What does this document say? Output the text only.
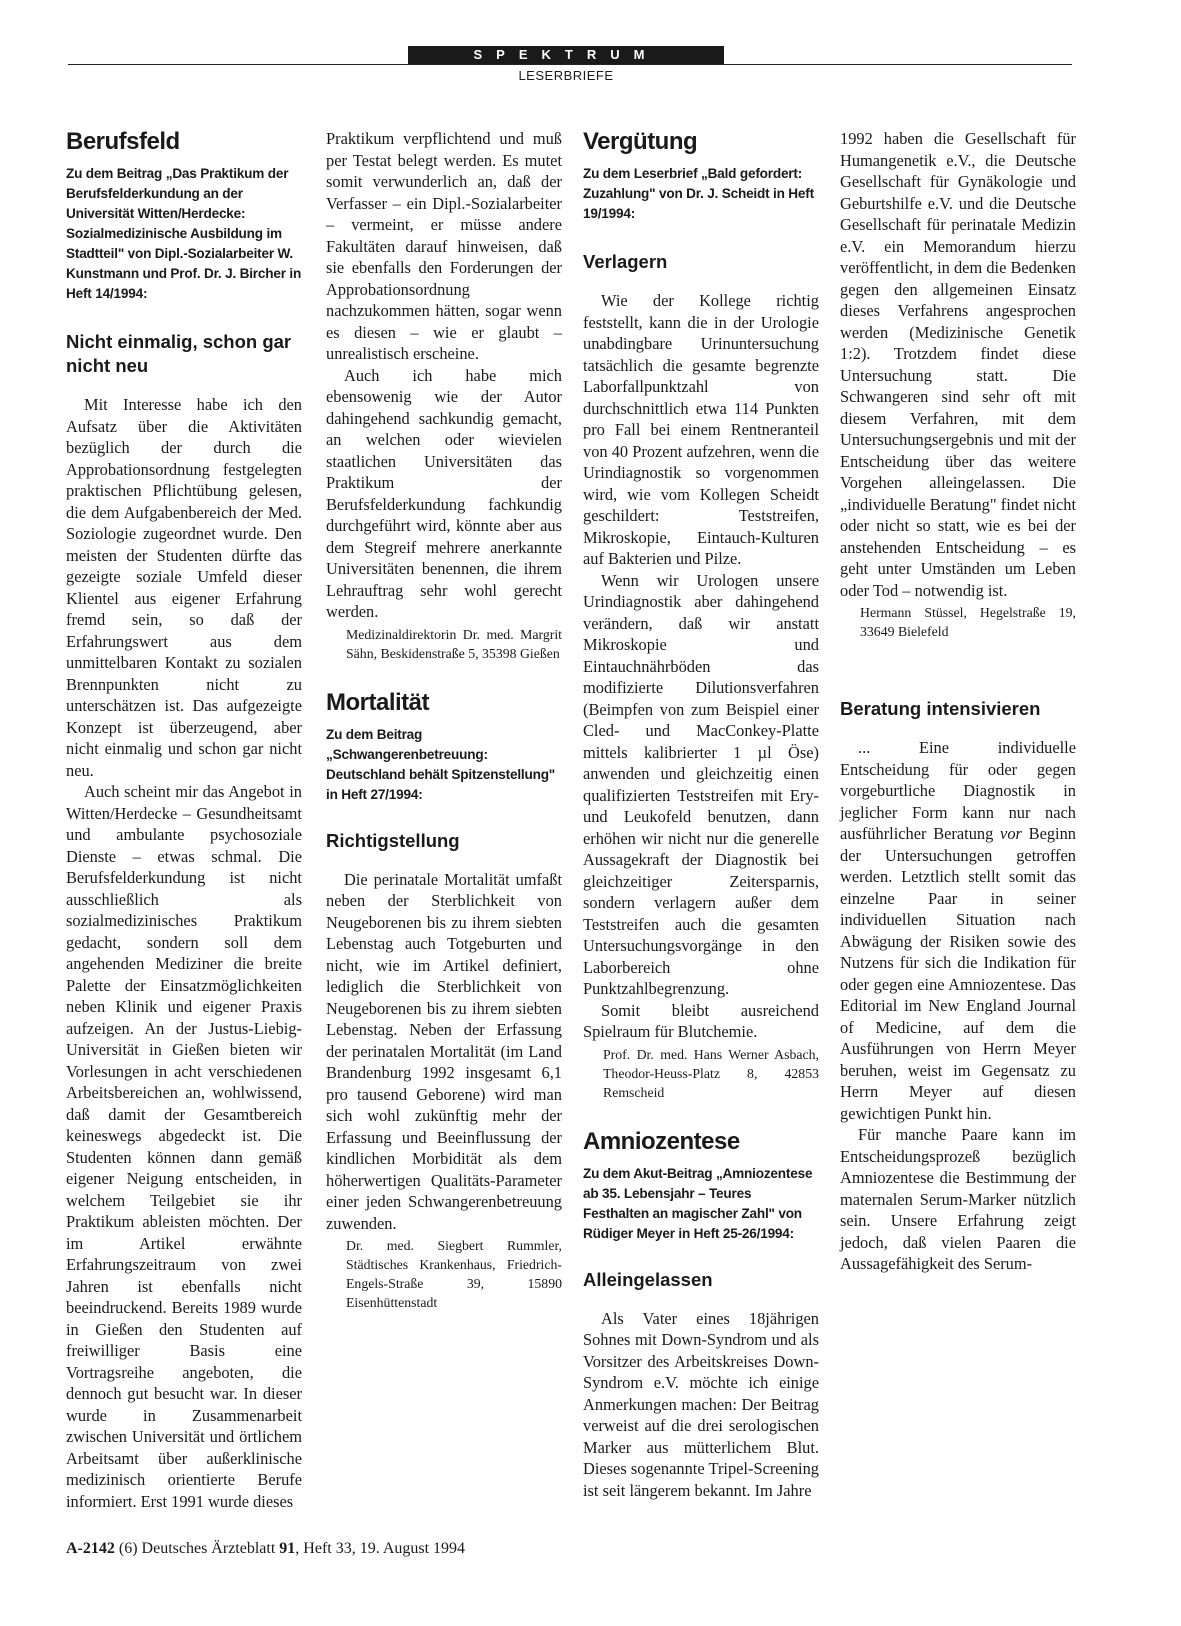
SPEKTRUM
LESERBRIEFE
Berufsfeld

Zu dem Beitrag „Das Praktikum der Berufsfelderkundung an der Universität Witten/Herdecke: Sozialmedizinische Ausbildung im Stadtteil" von Dipl.-Sozialarbeiter W. Kunstmann und Prof. Dr. J. Bircher in Heft 14/1994:

Nicht einmalig, schon gar nicht neu

Mit Interesse habe ich den Aufsatz über die Aktivitäten bezüglich der durch die Approbationsordnung festgelegten praktischen Pflichtübung gelesen, die dem Aufgabenbereich der Med. Soziologie zugeordnet wurde. Den meisten der Studenten dürfte das gezeigte soziale Umfeld dieser Klientel aus eigener Erfahrung fremd sein, so daß der Erfahrungswert aus dem unmittelbaren Kontakt zu sozialen Brennpunkten nicht zu unterschätzen ist. Das aufgezeigte Konzept ist überzeugend, aber nicht einmalig und schon gar nicht neu.

Auch scheint mir das Angebot in Witten/Herdecke – Gesundheitsamt und ambulante psychosoziale Dienste – etwas schmal. Die Berufsfelderkundung ist nicht ausschließlich als sozialmedizinisches Praktikum gedacht, sondern soll dem angehenden Mediziner die breite Palette der Einsatzmöglichkeiten neben Klinik und eigener Praxis aufzeigen. An der Justus-Liebig-Universität in Gießen bieten wir Vorlesungen in acht verschiedenen Arbeitsbereichen an, wohlwissend, daß damit der Gesamtbereich keineswegs abgedeckt ist. Die Studenten können dann gemäß eigener Neigung entscheiden, in welchem Teilgebiet sie ihr Praktikum ableisten möchten. Der im Artikel erwähnte Erfahrungszeitraum von zwei Jahren ist ebenfalls nicht beeindruckend. Bereits 1989 wurde in Gießen den Studenten auf freiwilliger Basis eine Vortragsreihe angeboten, die dennoch gut besucht war. In dieser wurde in Zusammenarbeit zwischen Universität und örtlichem Arbeitsamt über außerklinische medizinisch orientierte Berufe informiert. Erst 1991 wurde dieses

Praktikum verpflichtend und muß per Testat belegt werden. Es mutet somit verwunderlich an, daß der Verfasser – ein Dipl.-Sozialarbeiter – vermeint, er müsse andere Fakultäten darauf hinweisen, daß sie ebenfalls den Forderungen der Approbationsordnung nachzukommen hätten, sogar wenn es diesen – wie er glaubt – unrealistisch erscheine.

Auch ich habe mich ebensowenig wie der Autor dahingehend sachkundig gemacht, an welchen oder wievielen staatlichen Universitäten das Praktikum der Berufsfelderkundung fachkundig durchgeführt wird, könnte aber aus dem Stegreif mehrere anerkannte Universitäten benennen, die ihrem Lehrauftrag sehr wohl gerecht werden.

Medizinaldirektorin Dr. med. Margrit Sähn, Beskidenstraße 5, 35398 Gießen

Mortalität

Zu dem Beitrag „Schwangerenbetreuung: Deutschland behält Spitzenstellung" in Heft 27/1994:

Richtigstellung

Die perinatale Mortalität umfaßt neben der Sterblichkeit von Neugeborenen bis zu ihrem siebten Lebenstag auch Totgeburten und nicht, wie im Artikel definiert, lediglich die Sterblichkeit von Neugeborenen bis zu ihrem siebten Lebenstag. Neben der Erfassung der perinatalen Mortalität (im Land Brandenburg 1992 insgesamt 6,1 pro tausend Geborene) wird man sich wohl zukünftig mehr der Erfassung und Beeinflussung der kindlichen Morbidität als dem höherwertigen Qualitäts-Parameter einer jeden Schwangerenbetreuung zuwenden.

Dr. med. Siegbert Rummler, Städtisches Krankenhaus, Friedrich-Engels-Straße 39, 15890 Eisenhüttenstadt

Vergütung

Zu dem Leserbrief „Bald gefordert: Zuzahlung" von Dr. J. Scheidt in Heft 19/1994:

Verlagern

Wie der Kollege richtig feststellt, kann die in der Urologie unabdingbare Urinuntersuchung tatsächlich die gesamte begrenzte Laborfallpunktzahl von durchschnittlich etwa 114 Punkten pro Fall bei einem Rentneranteil von 40 Prozent aufzehren, wenn die Urindiagnostik so vorgenommen wird, wie vom Kollegen Scheidt geschildert: Teststreifen, Mikroskopie, Eintauch-Kulturen auf Bakterien und Pilze.

Wenn wir Urologen unsere Urindiagnostik aber dahingehend verändern, daß wir anstatt Mikroskopie und Eintauchnährböden das modifizierte Dilutionsverfahren (Beimpfen von zum Beispiel einer Cled- und MacConkey-Platte mittels kalibrierter 1 µl Öse) anwenden und gleichzeitig einen qualifizierten Teststreifen mit Ery- und Leukofeld benutzen, dann erhöhen wir nicht nur die generelle Aussagekraft der Diagnostik bei gleichzeitiger Zeitersparnis, sondern verlagern außer dem Teststreifen auch die gesamten Untersuchungsvorgänge in den Laborbereich ohne Punktzahlbegrenzung.

Somit bleibt ausreichend Spielraum für Blutchemie.

Prof. Dr. med. Hans Werner Asbach, Theodor-Heuss-Platz 8, 42853 Remscheid

Amniozentese

Zu dem Akut-Beitrag „Amniozentese ab 35. Lebensjahr – Teures Festhalten an magischer Zahl" von Rüdiger Meyer in Heft 25-26/1994:

Alleingelassen

Als Vater eines 18jährigen Sohnes mit Down-Syndrom und als Vorsitzer des Arbeitskreises Down-Syndrom e.V. möchte ich einige Anmerkungen machen: Der Beitrag verweist auf die drei serologischen Marker aus mütterlichem Blut. Dieses sogenannte Tripel-Screening ist seit längerem bekannt. Im Jahre

1992 haben die Gesellschaft für Humangenetik e.V., die Deutsche Gesellschaft für Gynäkologie und Geburtshilfe e.V. und die Deutsche Gesellschaft für perinatale Medizin e.V. ein Memorandum hierzu veröffentlicht, in dem die Bedenken gegen den allgemeinen Einsatz dieses Verfahrens angesprochen werden (Medizinische Genetik 1:2). Trotzdem findet diese Untersuchung statt. Die Schwangeren sind sehr oft mit diesem Verfahren, mit dem Untersuchungsergebnis und mit der Entscheidung über das weitere Vorgehen alleingelassen. Die „individuelle Beratung" findet nicht oder nicht so statt, wie es bei der anstehenden Entscheidung – es geht unter Umständen um Leben oder Tod – notwendig ist.

Hermann Stüssel, Hegelstraße 19, 33649 Bielefeld

Beratung intensivieren

... Eine individuelle Entscheidung für oder gegen vorgeburtliche Diagnostik in jeglicher Form kann nur nach ausführlicher Beratung vor Beginn der Untersuchungen getroffen werden. Letztlich stellt somit das einzelne Paar in seiner individuellen Situation nach Abwägung der Risiken sowie des Nutzens für sich die Indikation für oder gegen eine Amniozentese. Das Editorial im New England Journal of Medicine, auf dem die Ausführungen von Herrn Meyer beruhen, weist im Gegensatz zu Herrn Meyer auf diesen gewichtigen Punkt hin.

Für manche Paare kann im Entscheidungsprozeß bezüglich Amniozentese die Bestimmung der maternalen Serum-Marker nützlich sein. Unsere Erfahrung zeigt jedoch, daß vielen Paaren die Aussagefähigkeit des Serum-

A-2142 (6) Deutsches Ärzteblatt 91, Heft 33, 19. August 1994
